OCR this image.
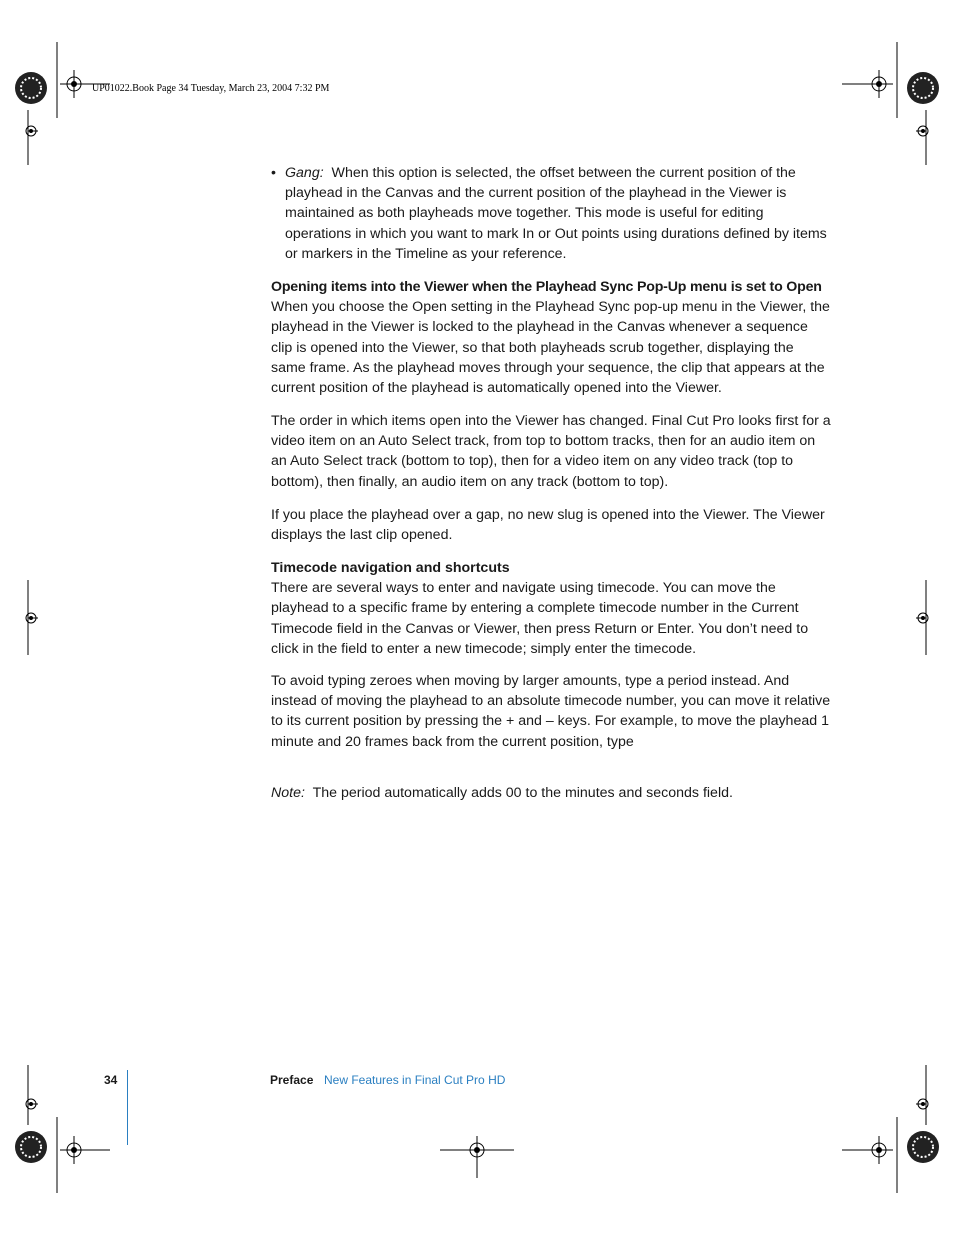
UP01022.Book Page 34 Tuesday, March 23, 2004 7:32 PM
• Gang: When this option is selected, the offset between the current position of the playhead in the Canvas and the current position of the playhead in the Viewer is maintained as both playheads move together. This mode is useful for editing operations in which you want to mark In or Out points using durations defined by items or markers in the Timeline as your reference.
Opening items into the Viewer when the Playhead Sync Pop-Up menu is set to Open

When you choose the Open setting in the Playhead Sync pop-up menu in the Viewer, the playhead in the Viewer is locked to the playhead in the Canvas whenever a sequence clip is opened into the Viewer, so that both playheads scrub together, displaying the same frame. As the playhead moves through your sequence, the clip that appears at the current position of the playhead is automatically opened into the Viewer.

The order in which items open into the Viewer has changed. Final Cut Pro looks first for a video item on an Auto Select track, from top to bottom tracks, then for an audio item on an Auto Select track (bottom to top), then for a video item on any video track (top to bottom), then finally, an audio item on any track (bottom to top).
If you place the playhead over a gap, no new slug is opened into the Viewer. The Viewer displays the last clip opened.
Timecode navigation and shortcuts

There are several ways to enter and navigate using timecode. You can move the playhead to a specific frame by entering a complete timecode number in the Current Timecode field in the Canvas or Viewer, then press Return or Enter. You don’t need to click in the field to enter a new timecode; simply enter the timecode.

To avoid typing zeroes when moving by larger amounts, type a period instead. And instead of moving the playhead to an absolute timecode number, you can move it relative to its current position by pressing the + and – keys. For example, to move the playhead 1 minute and 20 frames back from the current position, type
Note: The period automatically adds 00 to the minutes and seconds field.
34	Preface New Features in Final Cut Pro HD
